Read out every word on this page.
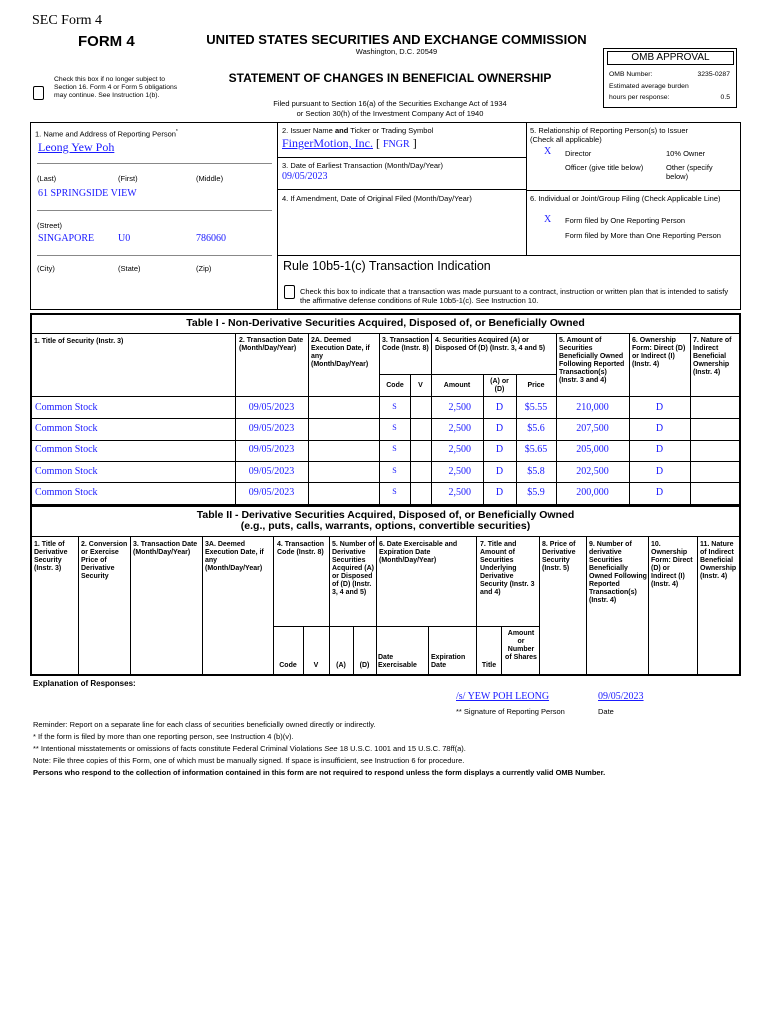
SEC Form 4
FORM 4	UNITED STATES SECURITIES AND EXCHANGE COMMISSION
Washington, D.C. 20549
Check this box if no longer subject to Section 16. Form 4 or Form 5 obligations may continue. See Instruction 1(b).
STATEMENT OF CHANGES IN BENEFICIAL OWNERSHIP
Filed pursuant to Section 16(a) of the Securities Exchange Act of 1934
or Section 30(h) of the Investment Company Act of 1940
OMB APPROVAL
OMB Number:	3235-0287
Estimated average burden
hours per response:	0.5
1. Name and Address of Reporting Person*
Leong Yew Poh
(Last)	(First)	(Middle)
61 SPRINGSIDE VIEW
(Street)
SINGAPORE U0	786060
(City)	(State)	(Zip)
2. Issuer Name and Ticker or Trading Symbol
FingerMotion, Inc. [ FNGR ]
3. Date of Earliest Transaction (Month/Day/Year)
09/05/2023
4. If Amendment, Date of Original Filed (Month/Day/Year)
5. Relationship of Reporting Person(s) to Issuer
(Check all applicable)
X Director	10% Owner
Officer (give title below)	Other (specify below)
6. Individual or Joint/Group Filing (Check Applicable Line)
X Form filed by One Reporting Person
Form filed by More than One Reporting Person
Rule 10b5-1(c) Transaction Indication
Check this box to indicate that a transaction was made pursuant to a contract, instruction or written plan that is intended to satisfy the affirmative defense conditions of Rule 10b5-1(c). See Instruction 10.
Table I - Non-Derivative Securities Acquired, Disposed of, or Beneficially Owned
1. Title of Security (Instr. 3)	2. Transaction Date (Month/Day/Year)
2A. Deemed Execution Date, if any (Month/Day/Year)
3. Transaction Code (Instr. 8)
4. Securities Acquired (A) or Disposed Of (D) (Instr. 3, 4 and 5)
5. Amount of Securities Beneficially Owned Following Reported Transaction(s) (Instr. 3 and 4)
6. Ownership Form: Direct (D) or Indirect (I) (Instr. 4)
7. Nature of Indirect Beneficial Ownership (Instr. 4)
Code	V	Amount
(A) or (D)
Price
Common Stock	09/05/2023	S	2,500	D	$5.55	210,000	D
Common Stock	09/05/2023	S	2,500	D	$5.6	207,500	D
Common Stock	09/05/2023	S	2,500	D	$5.65	205,000	D
Common Stock	09/05/2023	S	2,500	D	$5.8	202,500	D
Common Stock	09/05/2023	S	2,500	D	$5.9	200,000	D
Table II - Derivative Securities Acquired, Disposed of, or Beneficially Owned
(e.g., puts, calls, warrants, options, convertible securities)
1. Title of Derivative Security (Instr. 3)
2. Conversion or Exercise Price of Derivative Security
3. Transaction Date (Month/Day/Year)
3A. Deemed Execution Date, if any (Month/Day/Year)
4. Transaction Code (Instr. 8)
5. Number of Derivative Securities Acquired (A) or Disposed of (D) (Instr. 3, 4 and 5)
6. Date Exercisable and Expiration Date (Month/Day/Year)
7. Title and Amount of Securities Underlying Derivative Security (Instr. 3 and 4)
8. Price of Derivative Security (Instr. 5)
9. Number of derivative Securities Beneficially Owned Following Reported Transaction(s) (Instr. 4)
10. Ownership Form: Direct (D) or Indirect (I) (Instr. 4)
11. Nature of Indirect Beneficial Ownership (Instr. 4)
Code	V	(A)	(D)
Date Exercisable
Expiration Date	Title
Amount or Number of Shares
Explanation of Responses:
/s/ YEW POH LEONG	09/05/2023
** Signature of Reporting Person	Date
Reminder: Report on a separate line for each class of securities beneficially owned directly or indirectly.
* If the form is filed by more than one reporting person, see Instruction 4 (b)(v).
** Intentional misstatements or omissions of facts constitute Federal Criminal Violations See 18 U.S.C. 1001 and 15 U.S.C. 78ff(a).
Note: File three copies of this Form, one of which must be manually signed. If space is insufficient, see Instruction 6 for procedure.
Persons who respond to the collection of information contained in this form are not required to respond unless the form displays a currently valid OMB Number.
